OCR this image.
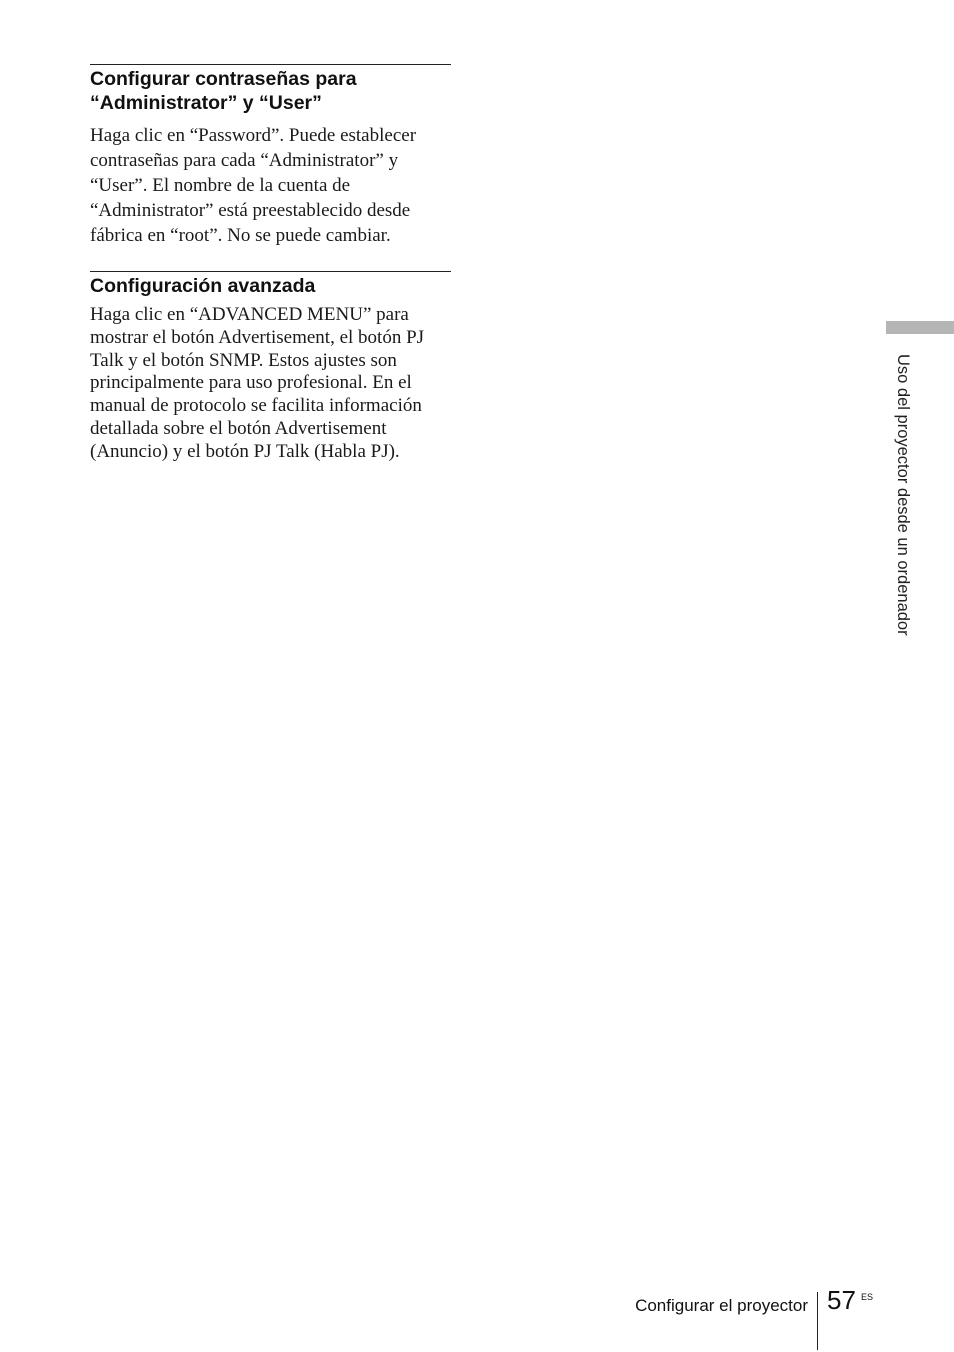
Configurar contraseñas para
“Administrator” y “User”

Haga clic en “Password”. Puede establecer
contraseñas para cada “Administrator” y
“User”. El nombre de la cuenta de
“Administrator” está preestablecido desde
fábrica en “root”. No se puede cambiar.

Configuración avanzada

Haga clic en “ADVANCED MENU” para
mostrar el botón Advertisement, el botón PJ
Talk y el botón SNMP. Estos ajustes son
principalmente para uso profesional. En el
manual de protocolo se facilita información
detallada sobre el botón Advertisement
(Anuncio) y el botón PJ Talk (Habla PJ).	Uso del proyector desde un ordenador
Configurar el proyector 57 ES
